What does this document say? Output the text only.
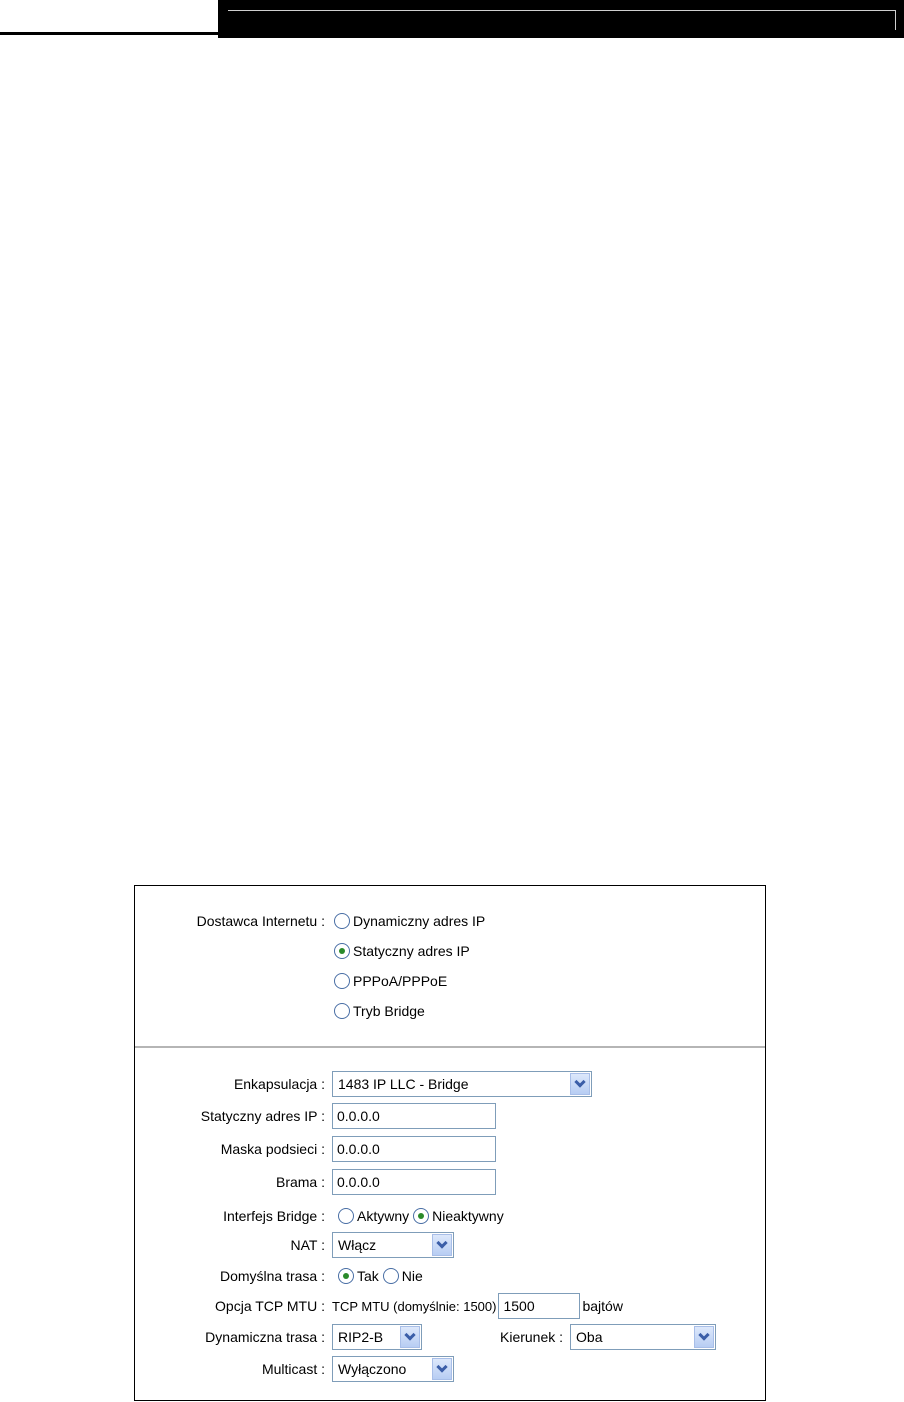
Dostawca Internetu : Dynamiczny adres IP
Statyczny adres IP
PPPoA/PPPoE
Tryb Bridge
Enkapsulacja : 1483 IP LLC - Bridge
Statyczny adres IP : 0.0.0.0
Maska podsieci : 0.0.0.0
Brama : 0.0.0.0
Interfejs Bridge : Aktywny Nieaktywny
NAT : Włącz
Domyślna trasa : Tak Nie
Opcja TCP MTU : TCP MTU (domyślnie: 1500) 1500	bajtów
Dynamiczna trasa : RIP2-B	Kierunek : Oba
Multicast : Wyłączono
